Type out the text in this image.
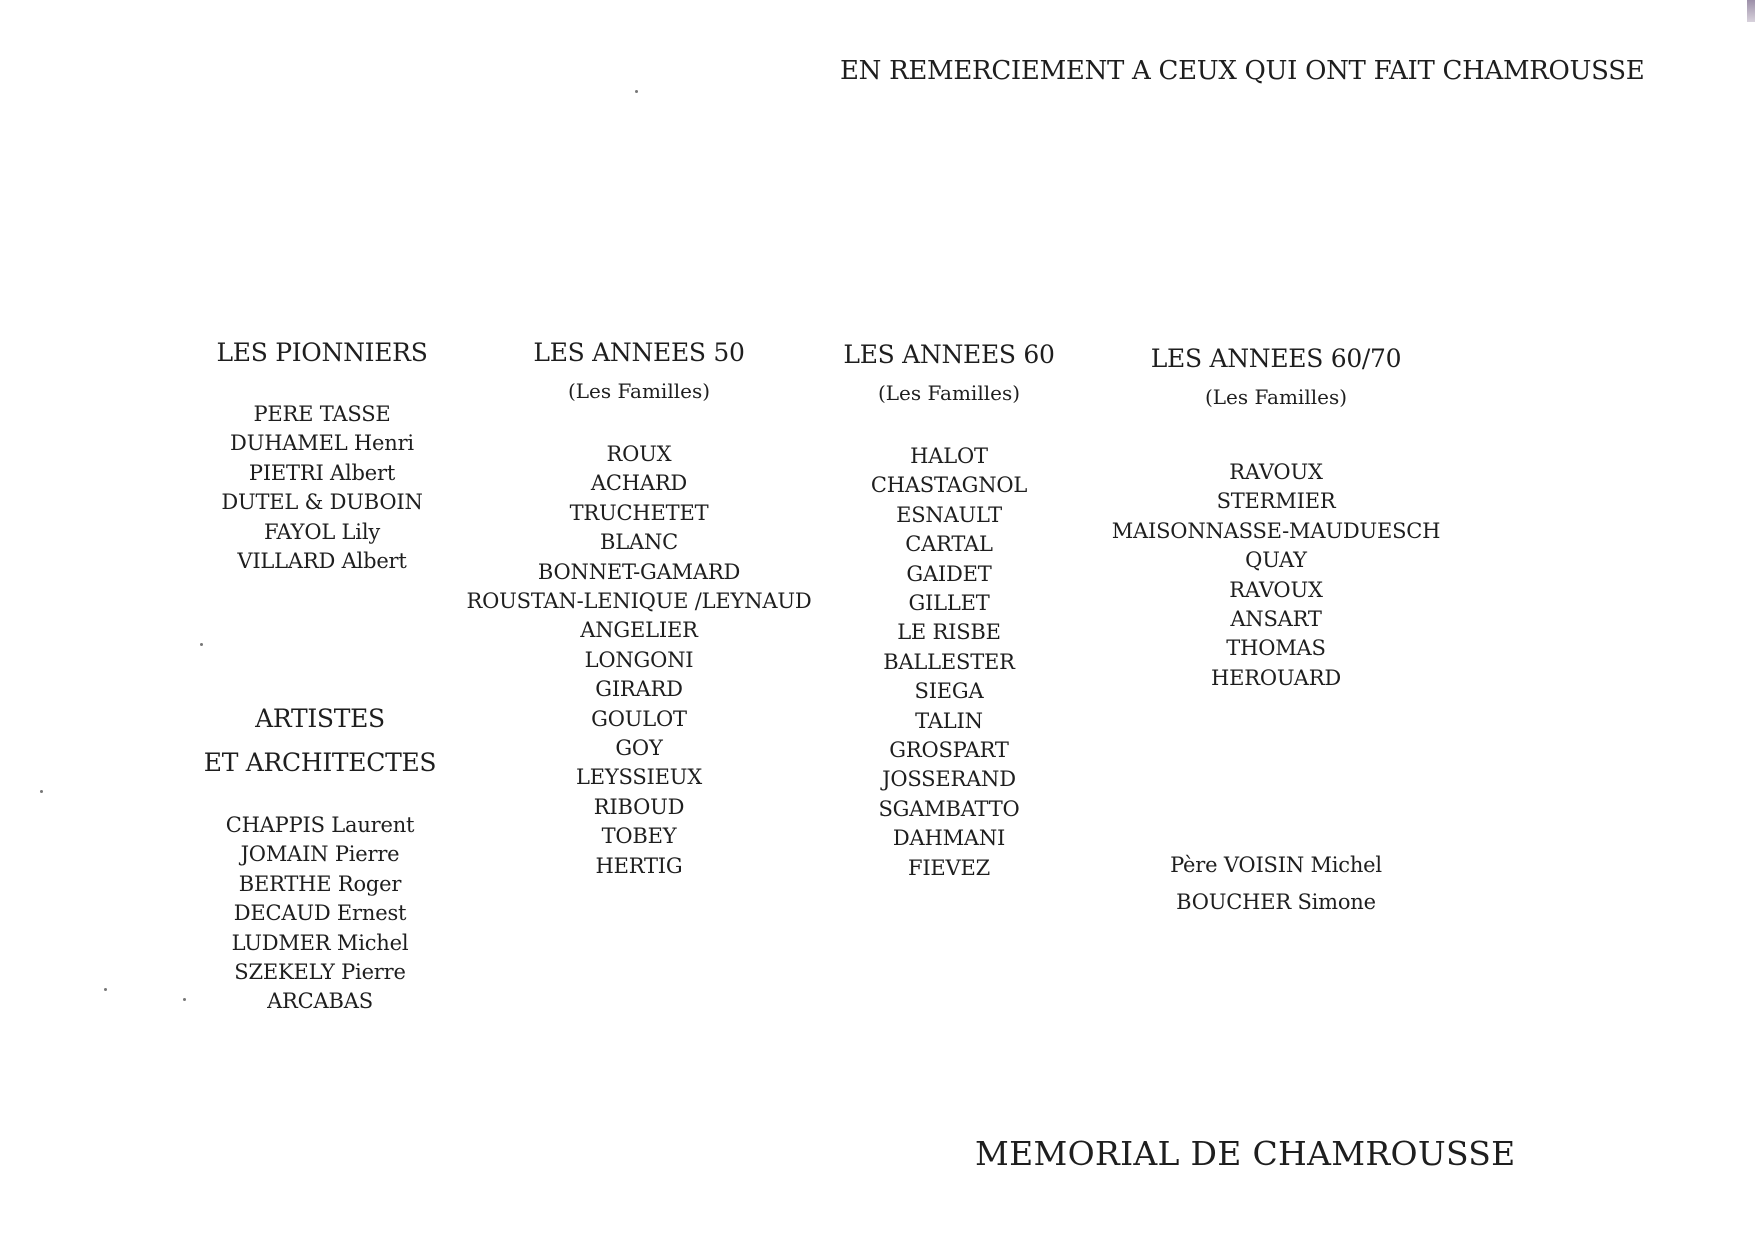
EN REMERCIEMENT A CEUX QUI ONT FAIT CHAMROUSSE
LES PIONNIERS
PERE TASSE
DUHAMEL Henri
PIETRI Albert
DUTEL & DUBOIN
FAYOL Lily
VILLARD Albert
ARTISTES
ET ARCHITECTES
CHAPPIS Laurent
JOMAIN Pierre
BERTHE Roger
DECAUD Ernest
LUDMER Michel
SZEKELY Pierre
ARCABAS
LES ANNEES 50
(Les Familles)
ROUX
ACHARD
TRUCHETET
BLANC
BONNET-GAMARD
ROUSTAN-LENIQUE /LEYNAUD
ANGELIER
LONGONI
GIRARD
GOULOT
GOY
LEYSSIEUX
RIBOUD
TOBEY
HERTIG
LES ANNEES 60
(Les Familles)
HALOT
CHASTAGNOL
ESNAULT
CARTAL
GAIDET
GILLET
LE RISBE
BALLESTER
SIEGA
TALIN
GROSPART
JOSSERAND
SGAMBATTO
DAHMANI
FIEVEZ
LES ANNEES 60/70
(Les Familles)
RAVOUX
STERMIER
MAISONNASSE-MAUDUESCH
QUAY
RAVOUX
ANSART
THOMAS
HEROUARD
Père VOISIN Michel
BOUCHER Simone
MEMORIAL DE CHAMROUSSE
